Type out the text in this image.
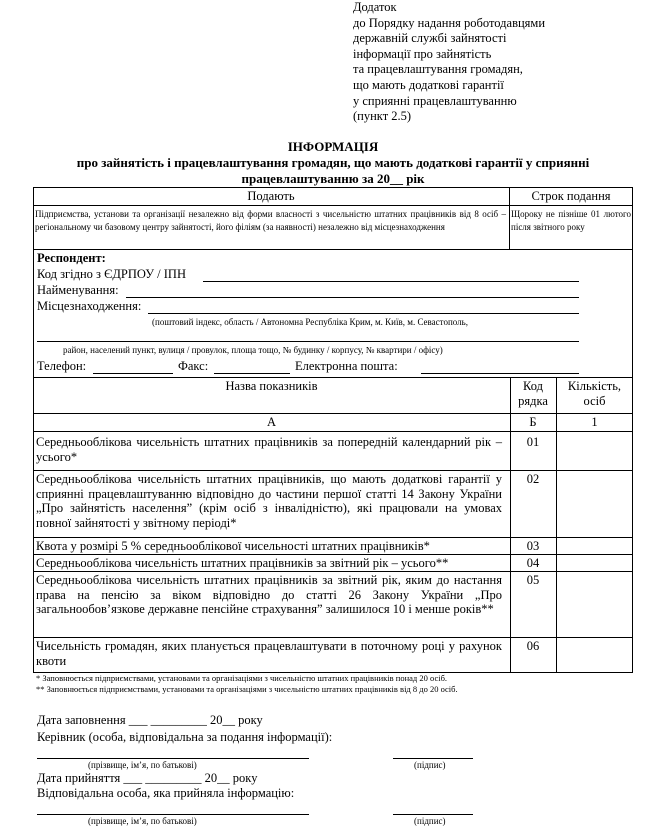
Додаток
до Порядку надання роботодавцями
державній службі зайнятості
інформації про зайнятість
та працевлаштування громадян,
що мають додаткові гарантії
у сприянні працевлаштуванню
(пункт 2.5)
ІНФОРМАЦІЯ
про зайнятість і працевлаштування громадян, що мають додаткові гарантії у сприянні
працевлаштуванню за 20__ рік
Подають	Строк подання
Підприємства, установи та організації незалежно від форми власності з чисельністю штатних працівників від 8 осіб – регіональному чи базовому центру зайнятості, його філіям (за наявності) незалежно від місцезнаходження
Щороку не пізніше 01 лютого після звітного року
Респондент:
Код згідно з ЄДРПОУ / ІПН
Найменування:
Місцезнаходження:
(поштовий індекс, область / Автономна Республіка Крим, м. Київ, м. Севастополь,
район, населений пункт, вулиця / провулок, площа тощо, № будинку / корпусу, № квартири / офісу)
Телефон:	Факс:	Електронна пошта:
Назва показників	Код рядка
Кількість, осіб
А	Б	1
Середньооблікова чисельність штатних працівників за попередній календарний рік – усього*
01
Середньооблікова чисельність штатних працівників, що мають додаткові гарантії у сприянні працевлаштуванню відповідно до частини першої статті 14 Закону України „Про зайнятість населення” (крім осіб з інвалідністю), які працювали на умовах повної зайнятості у звітному періоді*
02
Квота у розмірі 5 % середньооблікової чисельності штатних працівників*	03
Середньооблікова чисельність штатних працівників за звітний рік – усього**	04
Середньооблікова чисельність штатних працівників за звітний рік, яким до настання права на пенсію за віком відповідно до статті 26 Закону України „Про загальнообов’язкове державне пенсійне страхування” залишилося 10 і менше років**
05
Чисельність громадян, яких планується працевлаштувати в поточному році у рахунок квоти
06
* Заповнюється підприємствами, установами та організаціями з чисельністю штатних працівників понад 20 осіб.
** Заповнюється підприємствами, установами та організаціями з чисельністю штатних працівників від 8 до 20 осіб.
Дата заповнення ___ _________ 20__ року
Керівник (особа, відповідальна за подання інформації):
(прізвище, ім’я, по батькові)	(підпис)
Дата прийняття ___ _________ 20__ року
Відповідальна особа, яка прийняла інформацію:
(прізвище, ім’я, по батькові)	(підпис)
